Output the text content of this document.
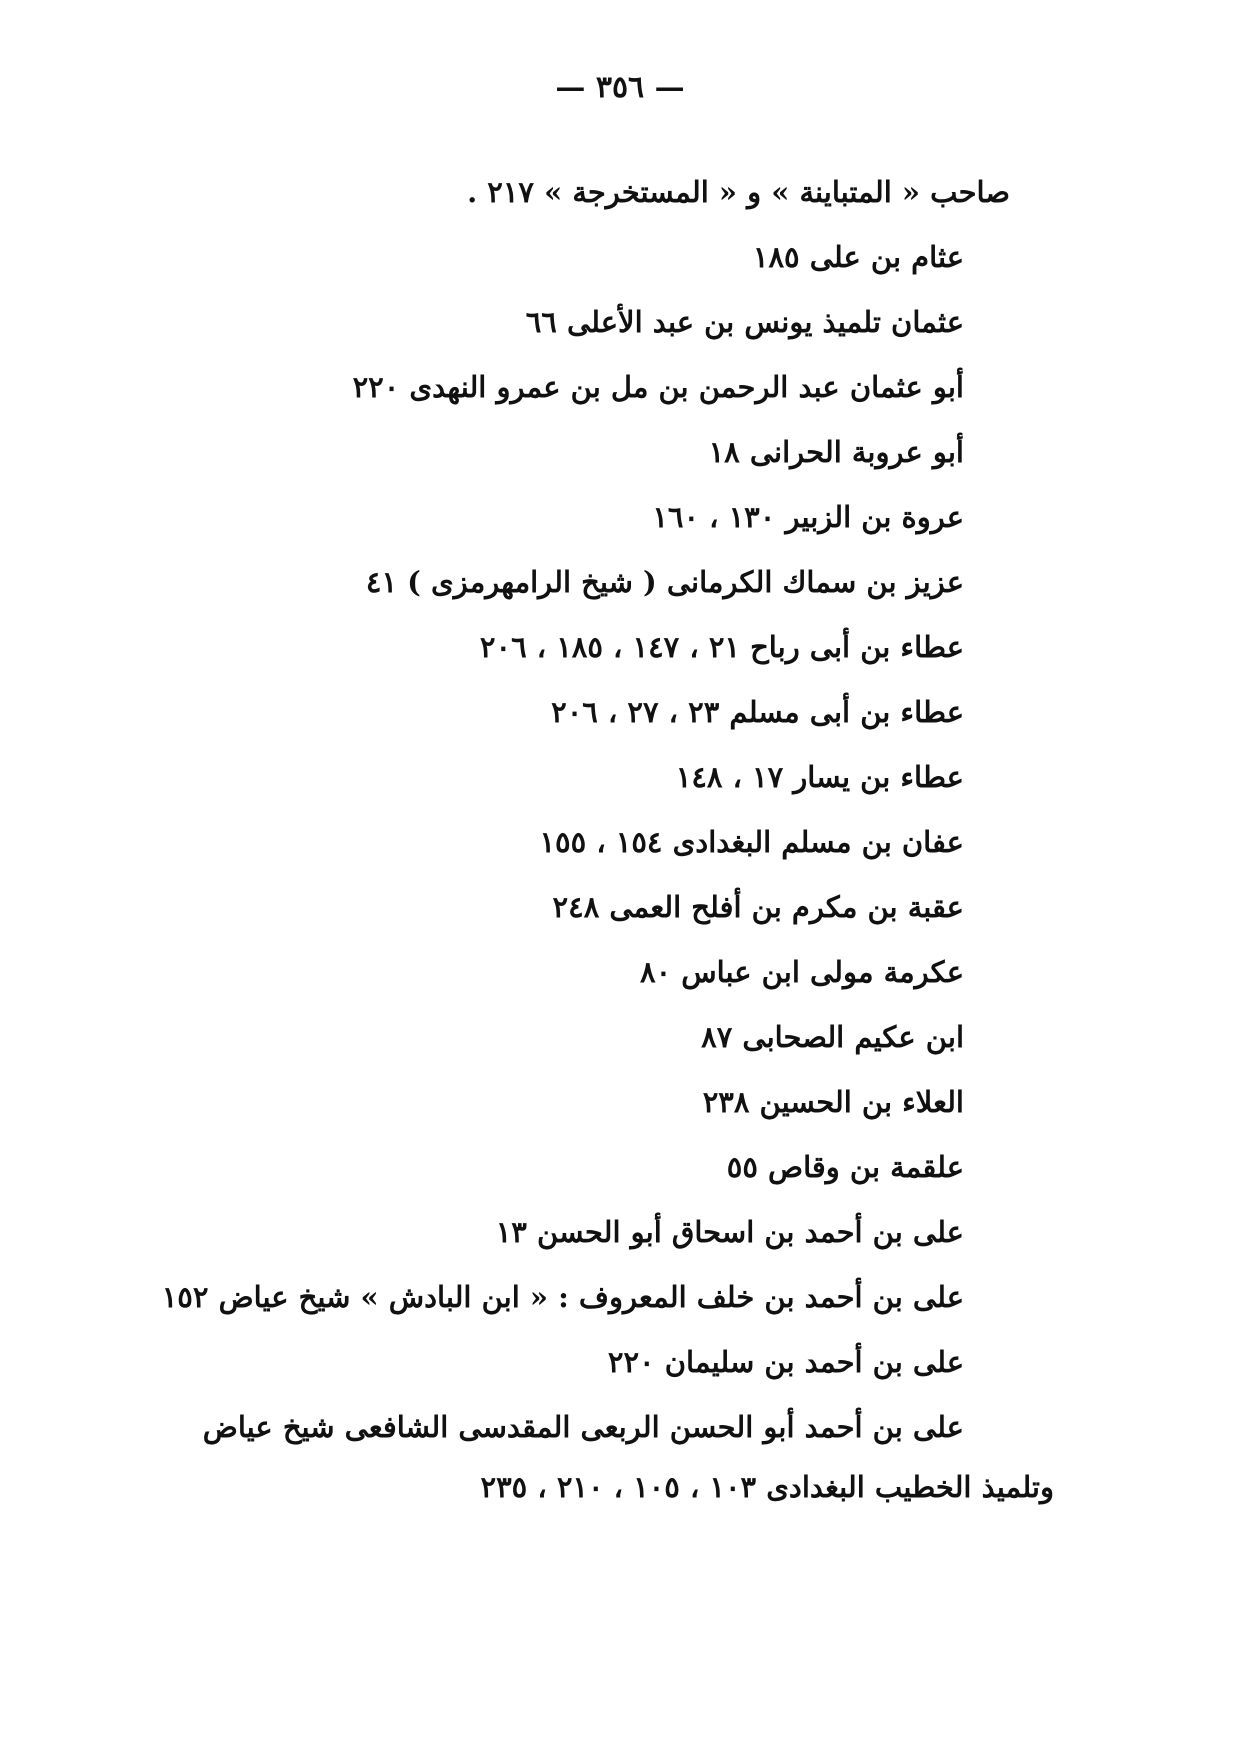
— ٣٥٦ —
صاحب « المتباينة » و « المستخرجة » ٢١٧ .
عثام بن على ١٨٥
عثمان تلميذ يونس بن عبد الأعلى ٦٦
أبو عثمان عبد الرحمن بن مل بن عمرو النهدى ٢٢٠
أبو عروبة الحرانى ١٨
عروة بن الزبير ١٣٠ ، ١٦٠
عزيز بن سماك الكرمانى ( شيخ الرامهرمزى ) ٤١
عطاء بن أبى رباح ٢١ ، ١٤٧ ، ١٨٥ ، ٢٠٦
عطاء بن أبى مسلم ٢٣ ، ٢٧ ، ٢٠٦
عطاء بن يسار ١٧ ، ١٤٨
عفان بن مسلم البغدادى ١٥٤ ، ١٥٥
عقبة بن مكرم بن أفلح العمى ٢٤٨
عكرمة مولى ابن عباس ٨٠
ابن عكيم الصحابى ٨٧
العلاء بن الحسين ٢٣٨
علقمة بن وقاص ٥٥
على بن أحمد بن اسحاق أبو الحسن ١٣
على بن أحمد بن خلف المعروف : « ابن البادش » شيخ عياض ١٥٢
على بن أحمد بن سليمان ٢٢٠
على بن أحمد أبو الحسن الربعى المقدسى الشافعى شيخ عياض
وتلميذ الخطيب البغدادى ١٠٣ ، ١٠٥ ، ٢١٠ ، ٢٣٥
